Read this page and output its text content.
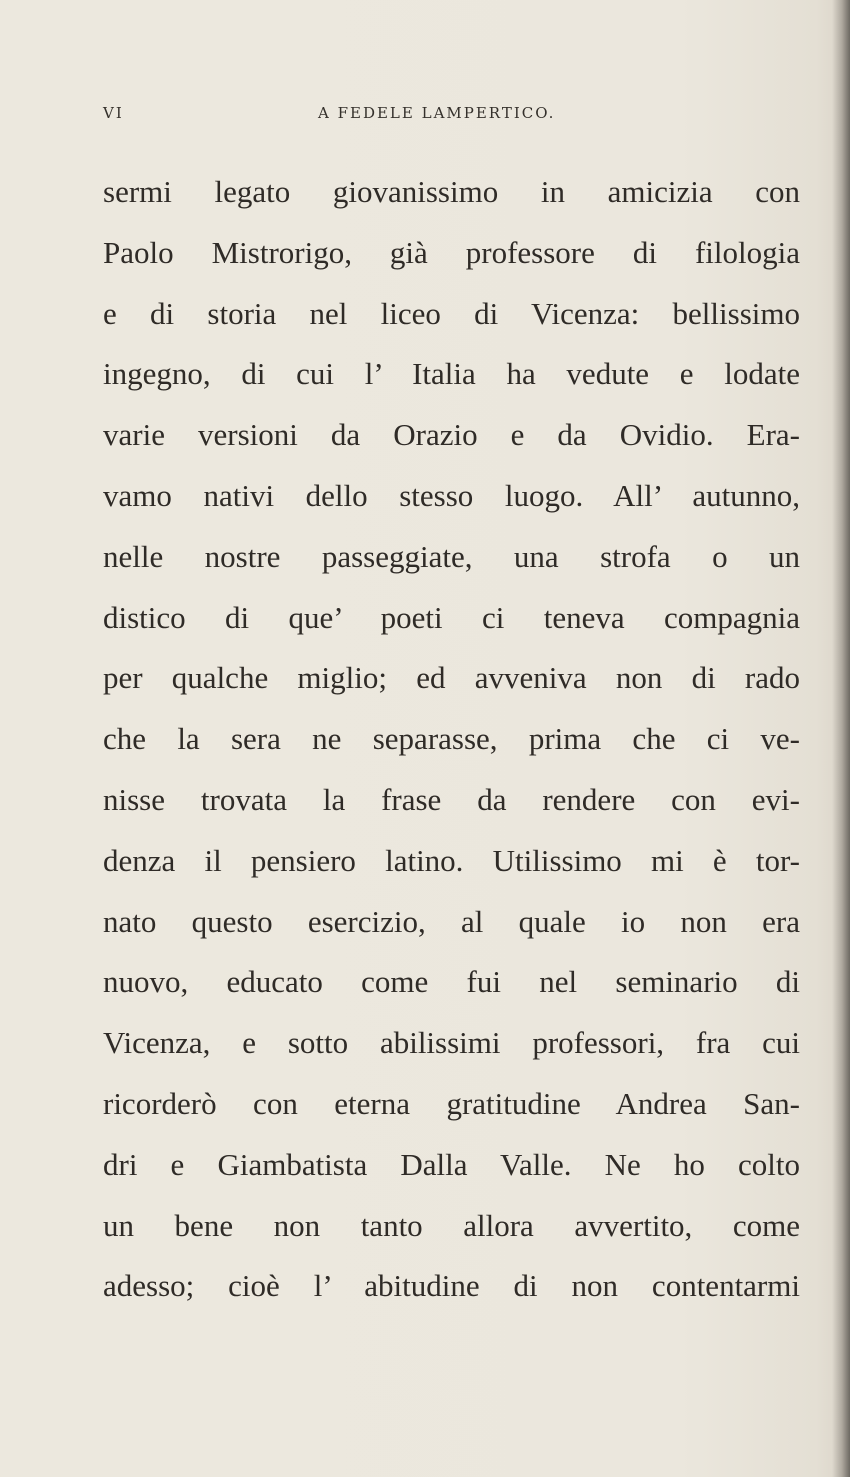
VI	A FEDELE LAMPERTICO.
sermi legato giovanissimo in amicizia con
Paolo Mistrorigo, già professore di filologia
e di storia nel liceo di Vicenza: bellissimo
ingegno, di cui l’ Italia ha vedute e lodate
varie versioni da Orazio e da Ovidio. Era-
vamo nativi dello stesso luogo. All’ autunno,
nelle nostre passeggiate, una strofa o un
distico di que’ poeti ci teneva compagnia
per qualche miglio; ed avveniva non di rado
che la sera ne separasse, prima che ci ve-
nisse trovata la frase da rendere con evi-
denza il pensiero latino. Utilissimo mi è tor-
nato questo esercizio, al quale io non era
nuovo, educato come fui nel seminario di
Vicenza, e sotto abilissimi professori, fra cui
ricorderò con eterna gratitudine Andrea San-
dri e Giambatista Dalla Valle. Ne ho colto
un bene non tanto allora avvertito, come
adesso; cioè l’ abitudine di non contentarmi
